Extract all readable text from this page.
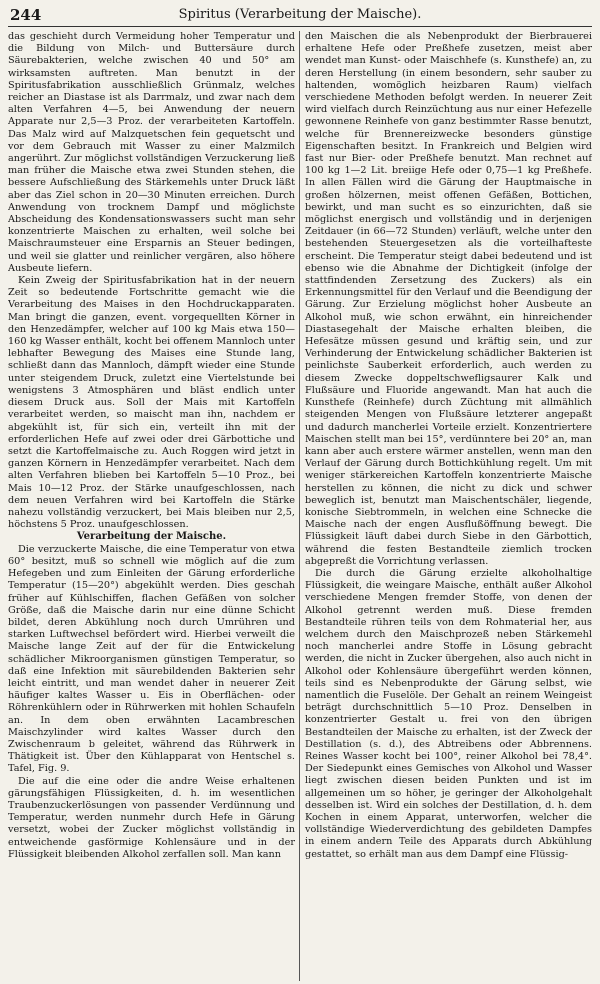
244	Spiritus (Verarbeitung der Maische).

das geschieht durch Vermeidung hoher Temperatur und die Bildung von Milch- und Buttersäure durch Säurebakterien, welche zwischen 40 und 50° am wirksamsten auftreten. Man benutzt in der Spiritusfabrikation ausschließlich Grünmalz, welches reicher an Diastase ist als Darrmalz, und zwar nach dem alten Verfahren 4—5, bei Anwendung der neuern Apparate nur 2,5—3 Proz. der verarbeiteten Kartoffeln. Das Malz wird auf Malzquetschen fein gequetscht und vor dem Gebrauch mit Wasser zu einer Malzmilch angerührt. Zur möglichst vollständigen Verzuckerung ließ man früher die Maische etwa zwei Stunden stehen, die bessere Aufschließung des Stärkemehls unter Druck läßt aber das Ziel schon in 20—30 Minuten erreichen. Durch Anwendung von trocknem Dampf und möglichste Abscheidung des Kondensationswassers sucht man sehr konzentrierte Maischen zu erhalten, weil solche bei Maischraumsteuer eine Ersparnis an Steuer bedingen, und weil sie glatter und reinlicher vergären, also höhere Ausbeute liefern.

Kein Zweig der Spiritusfabrikation hat in der neuern Zeit so bedeutende Fortschritte gemacht wie die Verarbeitung des Maises in den Hochdruckapparaten. Man bringt die ganzen, event. vorgequellten Körner in den Henzedämpfer, welcher auf 100 kg Mais etwa 150—160 kg Wasser enthält, kocht bei offenem Mannloch unter lebhafter Bewegung des Maises eine Stunde lang, schließt dann das Mannloch, dämpft wieder eine Stunde unter steigendem Druck, zuletzt eine Viertelstunde bei wenigstens 3 Atmosphären und bläst endlich unter diesem Druck aus. Soll der Mais mit Kartoffeln verarbeitet werden, so maischt man ihn, nachdem er abgekühlt ist, für sich ein, verteilt ihn mit der erforderlichen Hefe auf zwei oder drei Gärbottiche und setzt die Kartoffelmaische zu. Auch Roggen wird jetzt in ganzen Körnern in Henzedämpfer verarbeitet. Nach dem alten Verfahren blieben bei Kartoffeln 5—10 Proz., bei Mais 10—12 Proz. der Stärke unaufgeschlossen, nach dem neuen Verfahren wird bei Kartoffeln die Stärke nahezu vollständig verzuckert, bei Mais bleiben nur 2,5, höchstens 5 Proz. unaufgeschlossen.

Verarbeitung der Maische.

Die verzuckerte Maische, die eine Temperatur von etwa 60° besitzt, muß so schnell wie möglich auf die zum Hefegeben und zum Einleiten der Gärung erforderliche Temperatur (15—20°) abgekühlt werden. Dies geschah früher auf Kühlschiffen, flachen Gefäßen von solcher Größe, daß die Maische darin nur eine dünne Schicht bildet, deren Abkühlung noch durch Umrühren und starken Luftwechsel befördert wird. Hierbei verweilt die Maische lange Zeit auf der für die Entwickelung schädlicher Mikroorganismen günstigen Temperatur, so daß eine Infektion mit säurebildenden Bakterien sehr leicht eintritt, und man wendet daher in neuerer Zeit häufiger kaltes Wasser u. Eis in Oberflächen- oder Röhrenkühlern oder in Rührwerken mit hohlen Schaufeln an. In dem oben erwähnten Lacambreschen Maischzylinder wird kaltes Wasser durch den Zwischenraum b geleitet, während das Rührwerk in Thätigkeit ist. Über den Kühlapparat von Hentschel s. Tafel, Fig. 9.

Die auf die eine oder die andre Weise erhaltenen gärungsfähigen Flüssigkeiten, d. h. im wesentlichen Traubenzuckerlösungen von passender Verdünnung und Temperatur, werden nunmehr durch Hefe in Gärung versetzt, wobei der Zucker möglichst vollständig in entweichende gasförmige Kohlensäure und in der Flüssigkeit bleibenden Alkohol zerfallen soll. Man kann

den Maischen die als Nebenprodukt der Bierbrauerei erhaltene Hefe oder Preßhefe zusetzen, meist aber wendet man Kunst- oder Maischhefe (s. Kunsthefe) an, zu deren Herstellung (in einem besondern, sehr sauber zu haltenden, womöglich heizbaren Raum) vielfach verschiedene Methoden befolgt werden. In neuerer Zeit wird vielfach durch Reinzüchtung aus nur einer Hefezelle gewonnene Reinhefe von ganz bestimmter Rasse benutzt, welche für Brennereizwecke besonders günstige Eigenschaften besitzt. In Frankreich und Belgien wird fast nur Bier- oder Preßhefe benutzt. Man rechnet auf 100 kg 1—2 Lit. breiige Hefe oder 0,75—1 kg Preßhefe. In allen Fällen wird die Gärung der Hauptmaische in großen hölzernen, meist offenen Gefäßen, Bottichen, bewirkt, und man sucht es so einzurichten, daß sie möglichst energisch und vollständig und in derjenigen Zeitdauer (in 66—72 Stunden) verläuft, welche unter den bestehenden Steuergesetzen als die vorteilhafteste erscheint. Die Temperatur steigt dabei bedeutend und ist ebenso wie die Abnahme der Dichtigkeit (infolge der stattfindenden Zersetzung des Zuckers) als ein Erkennungsmittel für den Verlauf und die Beendigung der Gärung. Zur Erzielung möglichst hoher Ausbeute an Alkohol muß, wie schon erwähnt, ein hinreichender Diastasegehalt der Maische erhalten bleiben, die Hefesätze müssen gesund und kräftig sein, und zur Verhinderung der Entwickelung schädlicher Bakterien ist peinlichste Sauberkeit erforderlich, auch werden zu diesem Zwecke doppeltschwefligsaurer Kalk und Flußsäure und Fluoride angewandt. Man hat auch die Kunsthefe (Reinhefe) durch Züchtung mit allmählich steigenden Mengen von Flußsäure letzterer angepaßt und dadurch mancherlei Vorteile erzielt. Konzentriertere Maischen stellt man bei 15°, verdünntere bei 20° an, man kann aber auch erstere wärmer anstellen, wenn man den Verlauf der Gärung durch Bottichkühlung regelt. Um mit weniger stärkereichen Kartoffeln konzentrierte Maische herstellen zu können, die nicht zu dick und schwer beweglich ist, benutzt man Maischentschäler, liegende, konische Siebtrommeln, in welchen eine Schnecke die Maische nach der engen Ausflußöffnung bewegt. Die Flüssigkeit läuft dabei durch Siebe in den Gärbottich, während die festen Bestandteile ziemlich trocken abgepreßt die Vorrichtung verlassen.

Die durch die Gärung erzielte alkoholhaltige Flüssigkeit, die weingare Maische, enthält außer Alkohol verschiedene Mengen fremder Stoffe, von denen der Alkohol getrennt werden muß. Diese fremden Bestandteile rühren teils von dem Rohmaterial her, aus welchem durch den Maischprozeß neben Stärkemehl noch mancherlei andre Stoffe in Lösung gebracht werden, die nicht in Zucker übergehen, also auch nicht in Alkohol oder Kohlensäure übergeführt werden können, teils sind es Nebenprodukte der Gärung selbst, wie namentlich die Fuselöle. Der Gehalt an reinem Weingeist beträgt durchschnittlich 5—10 Proz. Denselben in konzentrierter Gestalt u. frei von den übrigen Bestandteilen der Maische zu erhalten, ist der Zweck der Destillation (s. d.), des Abtreibens oder Abbrennens. Reines Wasser kocht bei 100°, reiner Alkohol bei 78,4°. Der Siedepunkt eines Gemisches von Alkohol und Wasser liegt zwischen diesen beiden Punkten und ist im allgemeinen um so höher, je geringer der Alkoholgehalt desselben ist. Wird ein solches der Destillation, d. h. dem Kochen in einem Apparat, unterworfen, welcher die vollständige Wiederverdichtung des gebildeten Dampfes in einem andern Teile des Apparats durch Abkühlung gestattet, so erhält man aus dem Dampf eine Flüssig-
